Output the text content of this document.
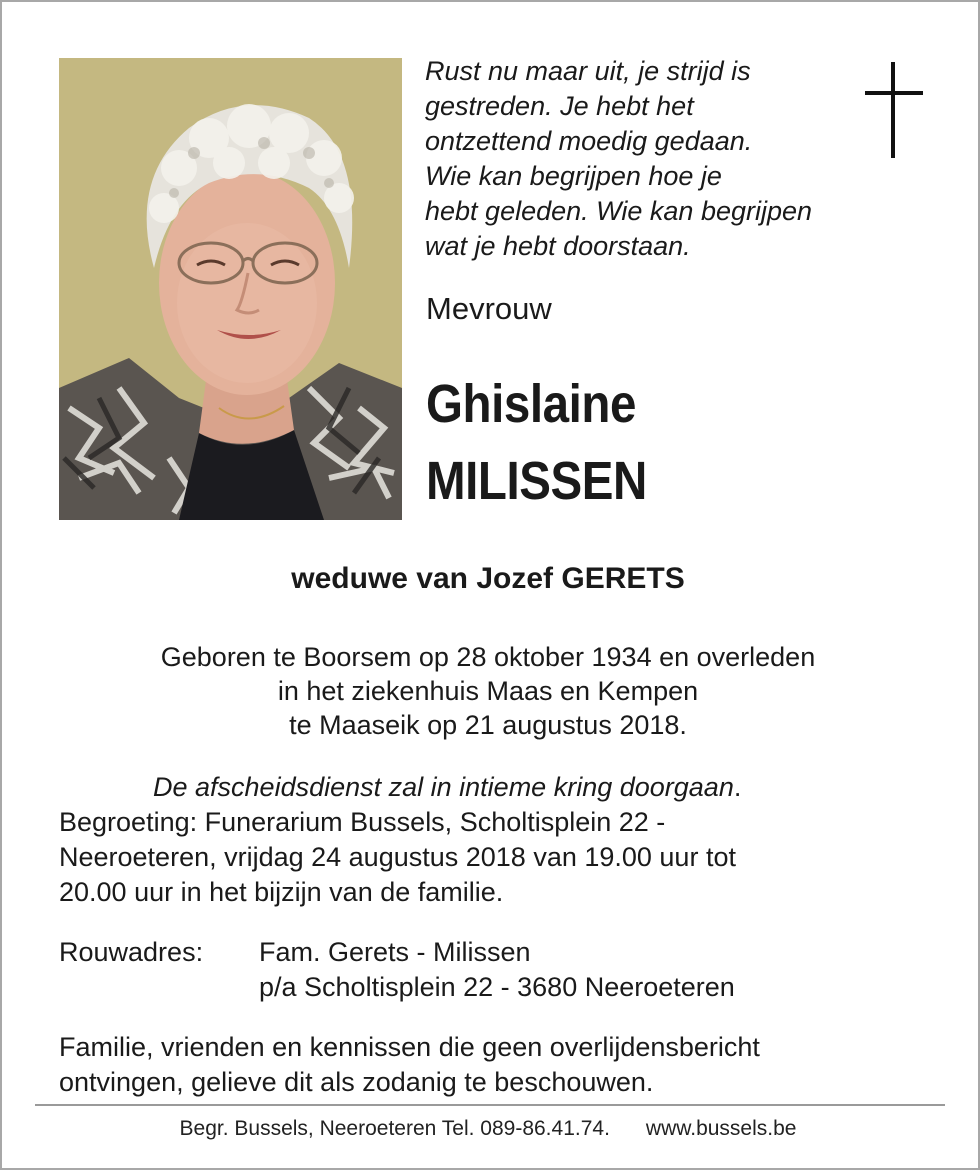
Rust nu maar uit, je strijd is
gestreden. Je hebt het
ontzettend moedig gedaan.
Wie kan begrijpen hoe je
hebt geleden. Wie kan begrijpen
wat je hebt doorstaan.
Mevrouw
Ghislaine
MILISSEN
weduwe van Jozef GERETS
Geboren te Boorsem op 28 oktober 1934 en overleden
in het ziekenhuis Maas en Kempen
te Maaseik op 21 augustus 2018.
De afscheidsdienst zal in intieme kring doorgaan.
Begroeting: Funerarium Bussels, Scholtisplein 22 -
Neeroeteren, vrijdag 24 augustus 2018 van 19.00 uur tot
20.00 uur in het bijzijn van de familie.
Rouwadres: Fam. Gerets - Milissen
p/a Scholtisplein 22 - 3680 Neeroeteren
Familie, vrienden en kennissen die geen overlijdensbericht
ontvingen, gelieve dit als zodanig te beschouwen.
Begr. Bussels, Neeroeteren Tel. 089-86.41.74. www.bussels.be
